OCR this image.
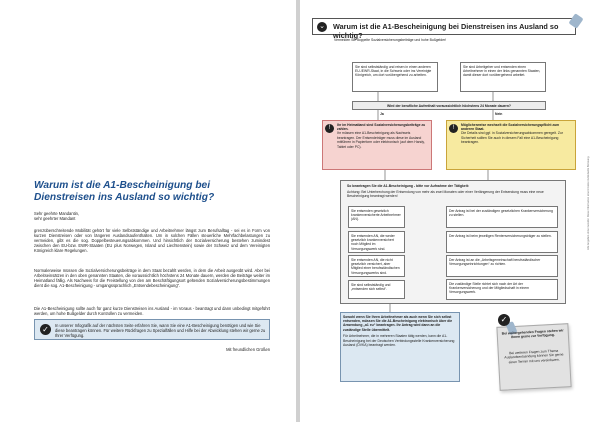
Warum ist die A1-Bescheinigung bei Dienstreisen ins Ausland so wichtig?
Sehr geehrte Mandantin,
sehr geehrter Mandant
grenzüberschreitende Mobilität gehört für viele Selbstständige und Arbeitnehmer längst zum Berufsalltag - sei es in Form von kurzen Dienstreisen oder von längeren Auslandsaufenthalten. Um in solchen Fällen steuerliche Mehrfachbelastungen zu vermeiden, gibt es die sog. Doppelbesteuerungsabkommen. Und hinsichtlich der Sozialversicherung bestehen zumindest zwischen den EU-bzw. EWR-Staaten (EU plus Norwegen, Island und Liechtenstein) sowie der Schweiz und dem Vereinigten Königreich klare Regelungen.
Normalerweise müssen die Sozialversicherungsbeiträge in dem Staat bezahlt werden, in dem die Arbeit ausgeübt wird. Aber bei Arbeitseinsätzen in den oben genannten Staaten, die voraussichtlich höchstens 24 Monate dauern, werden die Beiträge weiter im Heimatland fällig. Als Nachweis für die Freistellung von den am Beschäftigungsort geltenden Sozialversicherungsbestimmungen dient die sog. A1-Bescheinigung - umgangssprachlich „Entsendebescheinigung“.
Die A1-Bescheinigung sollte auch für ganz kurze Dienstreisen ins Ausland - im Voraus - beantragt und dann unbedingt mitgeführt werden, um hohe Bußgelder durch Kontrollen zu vermeiden.
✓	In unserer Infografik auf der nächsten Seite erfahren Sie, wann Sie eine A1-Bescheinigung benötigen und wie Sie diese beantragen können. Für weitere Rückfragen zu Spezialfällen und Hilfe bei der Abwicklung stehen wir gerne zu Ihrer Verfügung.
Mit freundlichen Grüßen
⌄ Warum ist die A1-Bescheinigung bei Dienstreisen ins Ausland so wichtig?
Vermeiden Sie doppelte Sozialversicherungsbeiträge und hohe Bußgelder!
Sie sind selbstständig und reisen in einen anderen EU-/EWR-Staat, in die Schweiz oder ins Vereinigte Königreich, um dort vorübergehend zu arbeiten.
Sie sind Arbeitgeber und entsenden einen Arbeitnehmer in einen der links genannten Staaten, damit dieser dort vorübergehend arbeitet.
Wird der berufliche Aufenthalt voraussichtlich höchstens 24 Monate dauern?
Ja	Nein
!
Ihr im Heimatland sind Sozialversicherungsbeiträge zu zahlen.
Ihr müssen eine A1-Bescheinigung als Nachweis beantragen. Der Entsendeträger muss diese im Ausland mitführen in Papierform oder elektronisch (auf dem Handy, Tablet oder PC).
!
Möglicherweise wechselt die Sozialversicherungspflicht zum anderen Staat.
Die Details sind ggf. in Sozialversicherungsabkommen geregelt. Zur Sicherheit sollten Sie auch in diesem Fall eine A1-Bescheinigung beantragen.
So beantragen Sie die A1-Bescheinigung - bitte vor Aufnahme der Tätigkeit:
Achtung: Bei Unterbrechung der Entsendung von mehr als zwei Monaten oder einer Verlängerung der Entsendung muss eine neue Bescheinigung beantragt werden!
Sie entsenden gesetzlich krankenversicherte Arbeitnehmer (AN).
Der Antrag ist bei der zuständigen gesetzlichen Krankenversicherung zu stellen.
Sie entsenden AN, die weder gesetzlich krankenversichert noch Mitglied im Versorgungswerk sind.
Der Antrag ist beim jeweiligen Rentenversicherungsträger zu stellen.
Sie entsenden AN, die nicht gesetzlich versichert, aber Mitglied einer berufsständischen Versorgungswerks sind.
Der Antrag ist an die „Arbeitsgemeinschaft berufsständischer Versorgungseinrichtungen“ zu richten.
Sie sind selbstständig und „entsenden sich selbst“.
Die zuständige Stelle richtet sich nach der Art der Krankenversicherung und der Mitgliedschaft in einem Versorgungswerk.
Sowohl wenn Sie Ihren Arbeitnehmer als auch wenn Sie sich selbst entsenden, müssen Sie die A1-Bescheinigung elektronisch über die Anwendung „a1 eu“ beantragen. Ihr Antrag wird dann an die zuständige Stelle übermittelt.
Für Arbeitnehmer, die in mehreren Staaten tätig werden, kann die A1-Bescheinigung bei der Deutschen Verbindungsstelle Krankenversicherung Ausland (DVKA) beantragt werden.
Bei weitergehenden Fragen stehen wir Ihnen gerne zur Verfügung.
Bei weiteren Fragen zum Thema Auslandsentsendung können Sie gerne einen Termin mit uns vereinbaren.
✓
Alle Angaben ohne Gewähr. Diese Information ersetzt keine individuelle Beratung.
